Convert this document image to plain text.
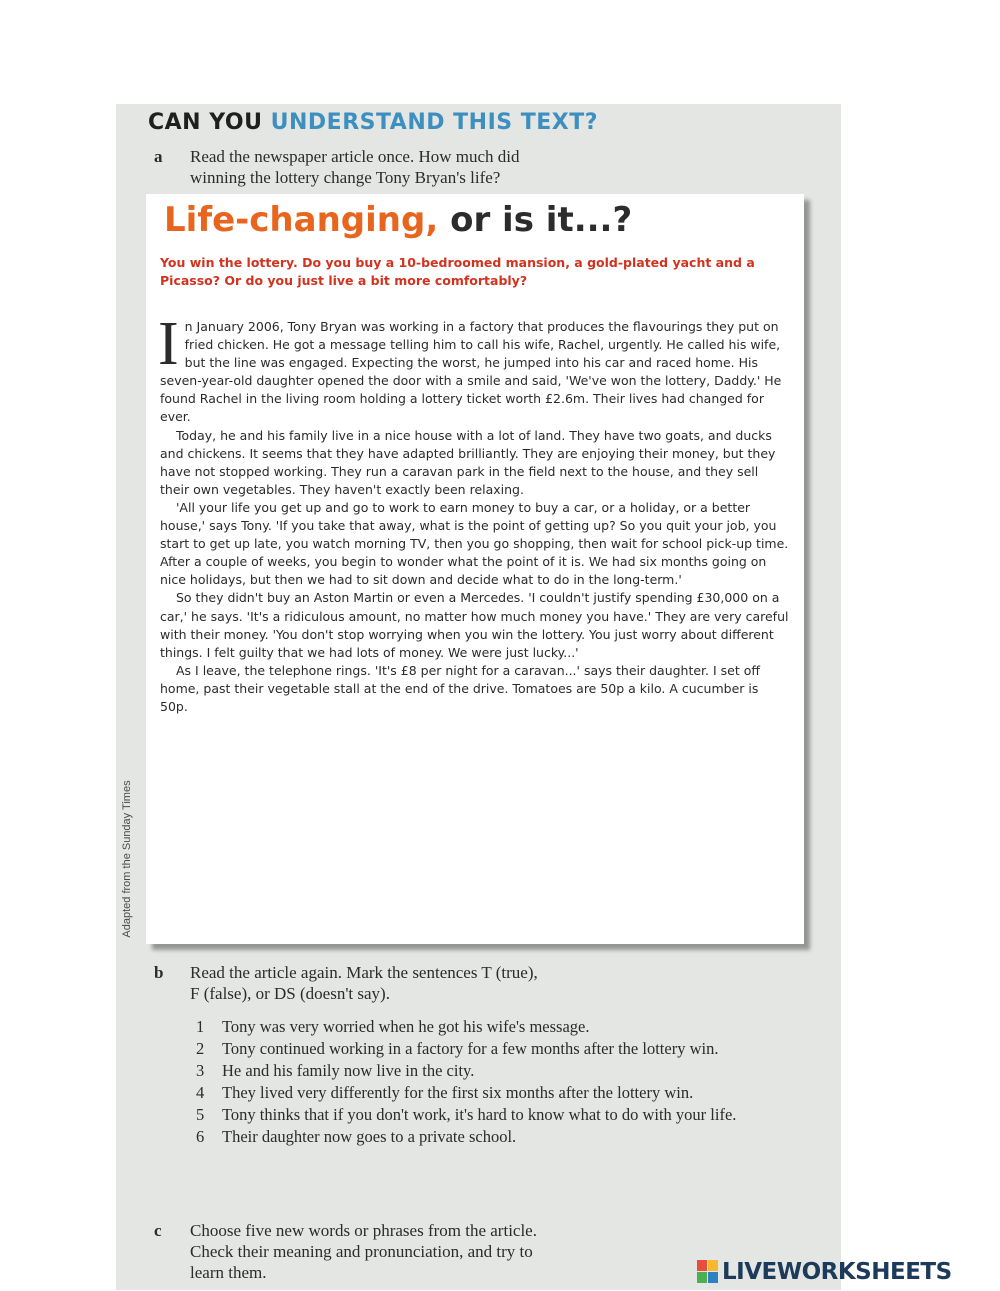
CAN YOU UNDERSTAND THIS TEXT?
a Read the newspaper article once. How much did
winning the lottery change Tony Bryan's life?
Life-changing, or is it...?
You win the lottery. Do you buy a 10-bedroomed mansion, a gold-plated yacht and a Picasso? Or do you just live a bit more comfortably?

In January 2006, Tony Bryan was working in a factory that produces the flavourings they put on fried chicken. He got a message telling him to call his wife, Rachel, urgently. He called his wife, but the line was engaged. Expecting the worst, he jumped into his car and raced home. His seven-year-old daughter opened the door with a smile and said, 'We've won the lottery, Daddy.' He found Rachel in the living room holding a lottery ticket worth £2.6m. Their lives had changed for ever.

Today, he and his family live in a nice house with a lot of land. They have two goats, and ducks and chickens. It seems that they have adapted brilliantly. They are enjoying their money, but they have not stopped working. They run a caravan park in the field next to the house, and they sell their own vegetables. They haven't exactly been relaxing.

'All your life you get up and go to work to earn money to buy a car, or a holiday, or a better house,' says Tony. 'If you take that away, what is the point of getting up? So you quit your job, you start to get up late, you watch morning TV, then you go shopping, then wait for school pick-up time. After a couple of weeks, you begin to wonder what the point of it is. We had six months going on nice holidays, but then we had to sit down and decide what to do in the long-term.'

So they didn't buy an Aston Martin or even a Mercedes. 'I couldn't justify spending £30,000 on a car,' he says. 'It's a ridiculous amount, no matter how much money you have.' They are very careful with their money. 'You don't stop worrying when you win the lottery. You just worry about different things. I felt guilty that we had lots of money. We were just lucky...'

As I leave, the telephone rings. 'It's £8 per night for a caravan...' says their daughter. I set off home, past their vegetable stall at the end of the drive. Tomatoes are 50p a kilo. A cucumber is 50p.

Adapted from the Sunday Times
b Read the article again. Mark the sentences T (true),
F (false), or DS (doesn't say).
1 Tony was very worried when he got his wife's message.
2 Tony continued working in a factory for a few months after the lottery win.
3 He and his family now live in the city.
4 They lived very differently for the first six months after the lottery win.
5 Tony thinks that if you don't work, it's hard to know what to do with your life.
6 Their daughter now goes to a private school.
c Choose five new words or phrases from the article.
Check their meaning and pronunciation, and try to
learn them.	LIVEWORKSHEETS
